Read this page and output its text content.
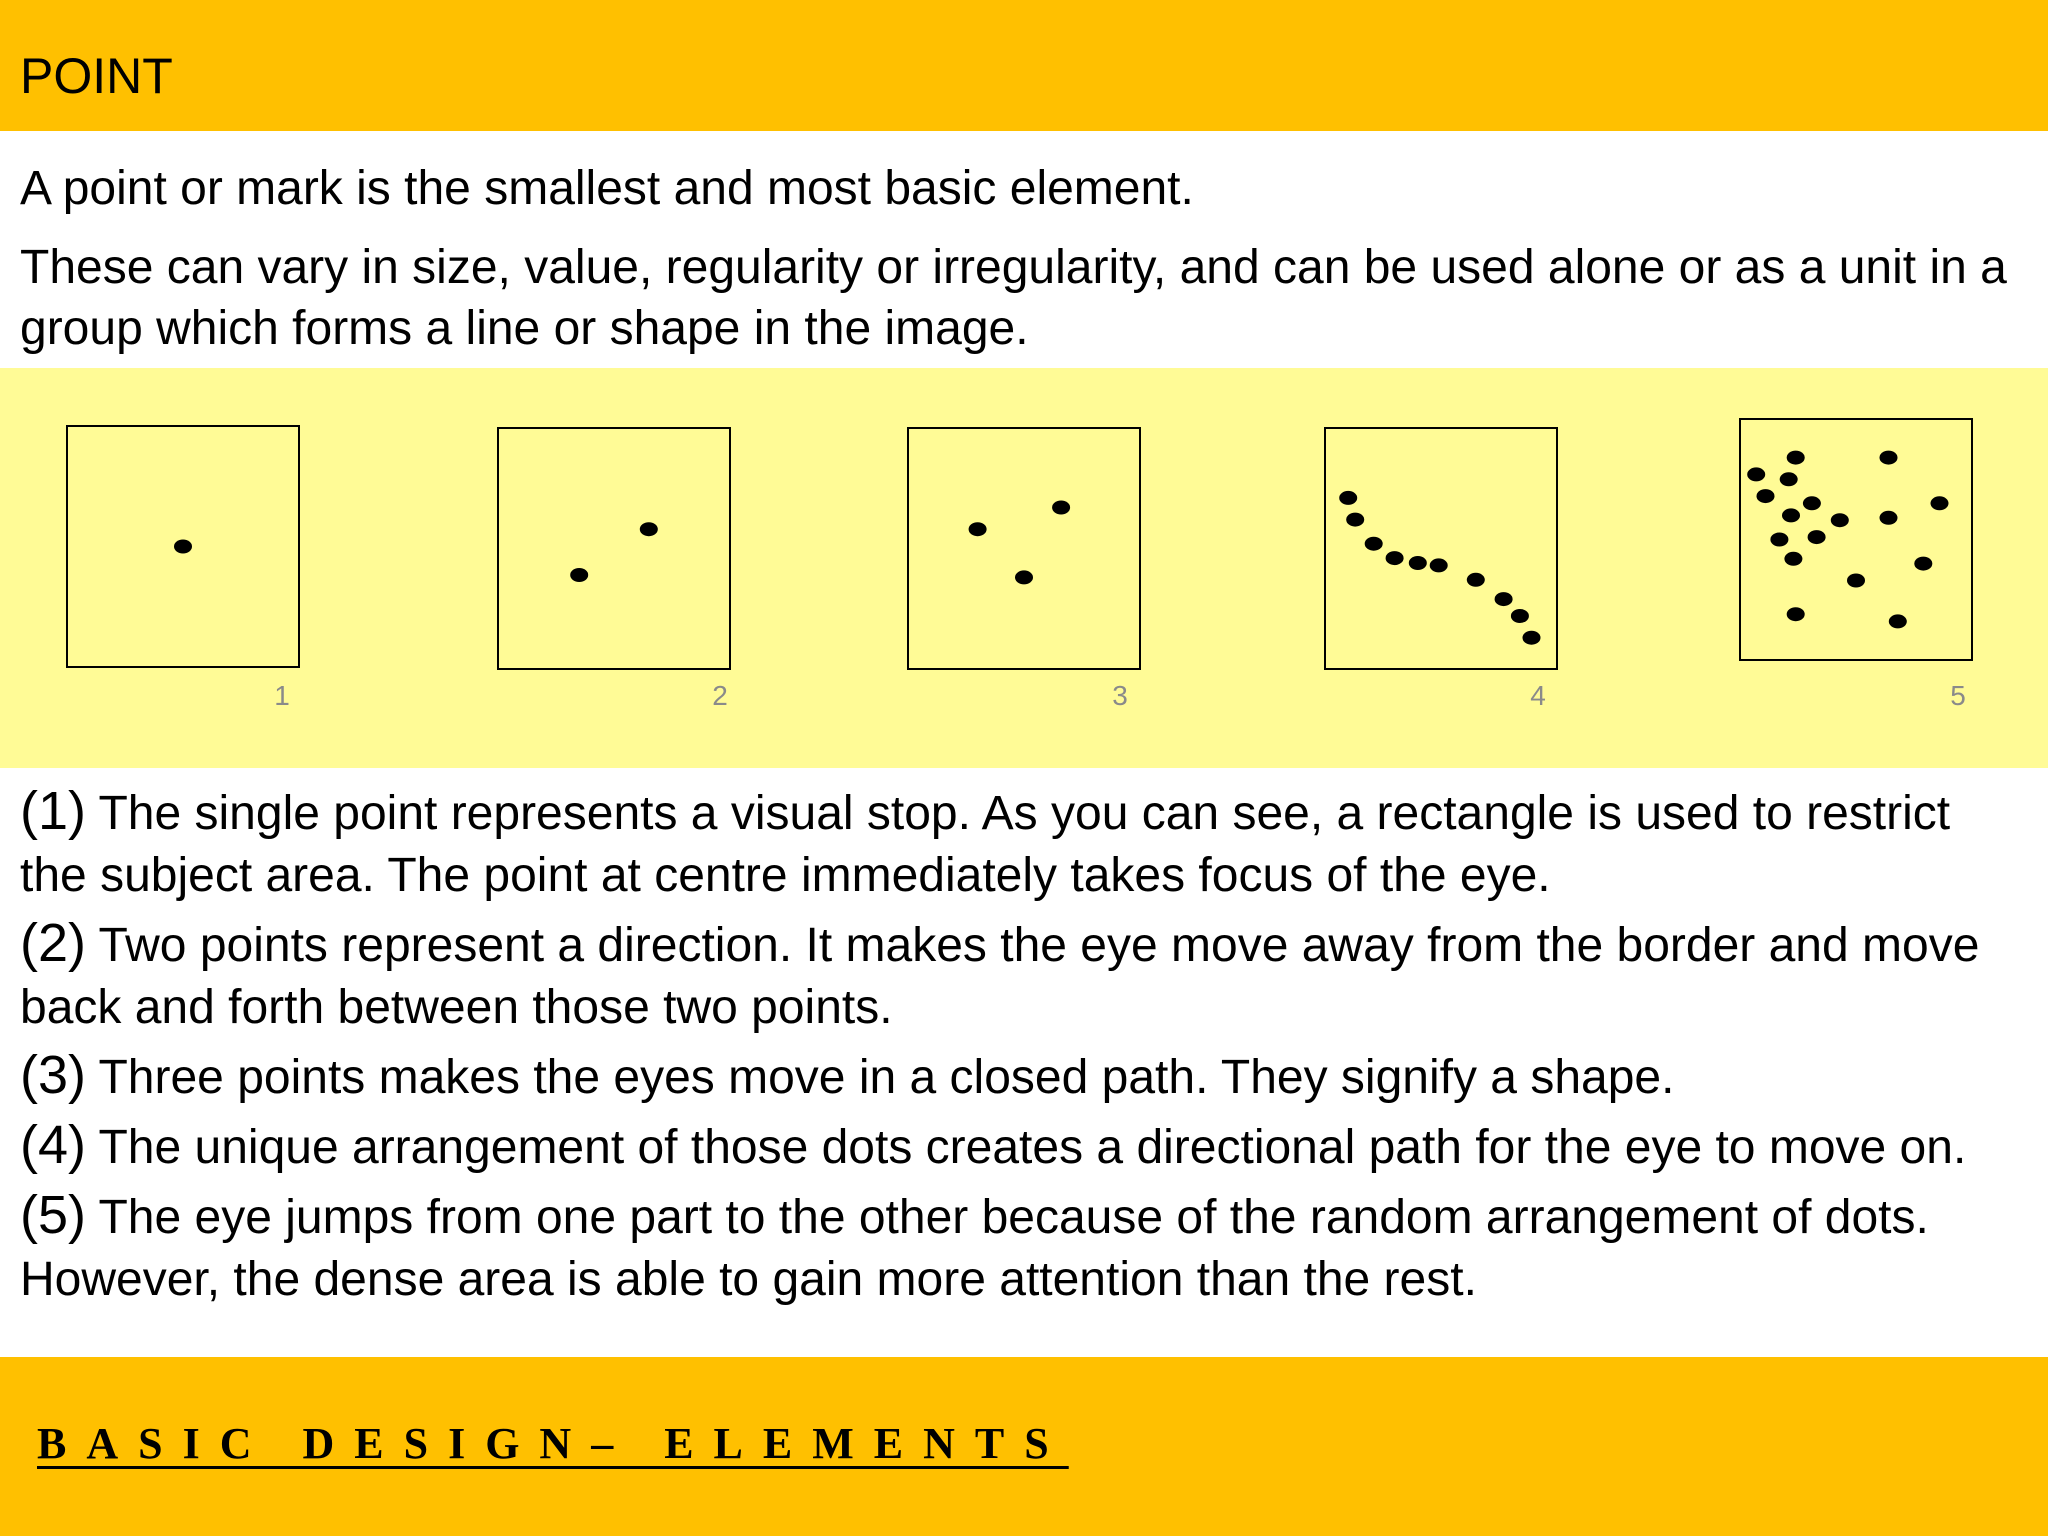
POINT

A point or mark is the smallest and most basic element.

These can vary in size, value, regularity or irregularity, and can be used alone or as a unit in a group which forms a line or shape in the image.

1	2	3	4	5

(1) The single point represents a visual stop. As you can see, a rectangle is used to restrict the subject area. The point at centre immediately takes focus of the eye.

(2) Two points represent a direction. It makes the eye move away from the border and move back and forth between those two points.

(3) Three points makes the eyes move in a closed path. They signify a shape.

(4) The unique arrangement of those dots creates a directional path for the eye to move on.

(5) The eye jumps from one part to the other because of the random arrangement of dots. However, the dense area is able to gain more attention than the rest.

BASIC DESIGN– ELEMENTS
